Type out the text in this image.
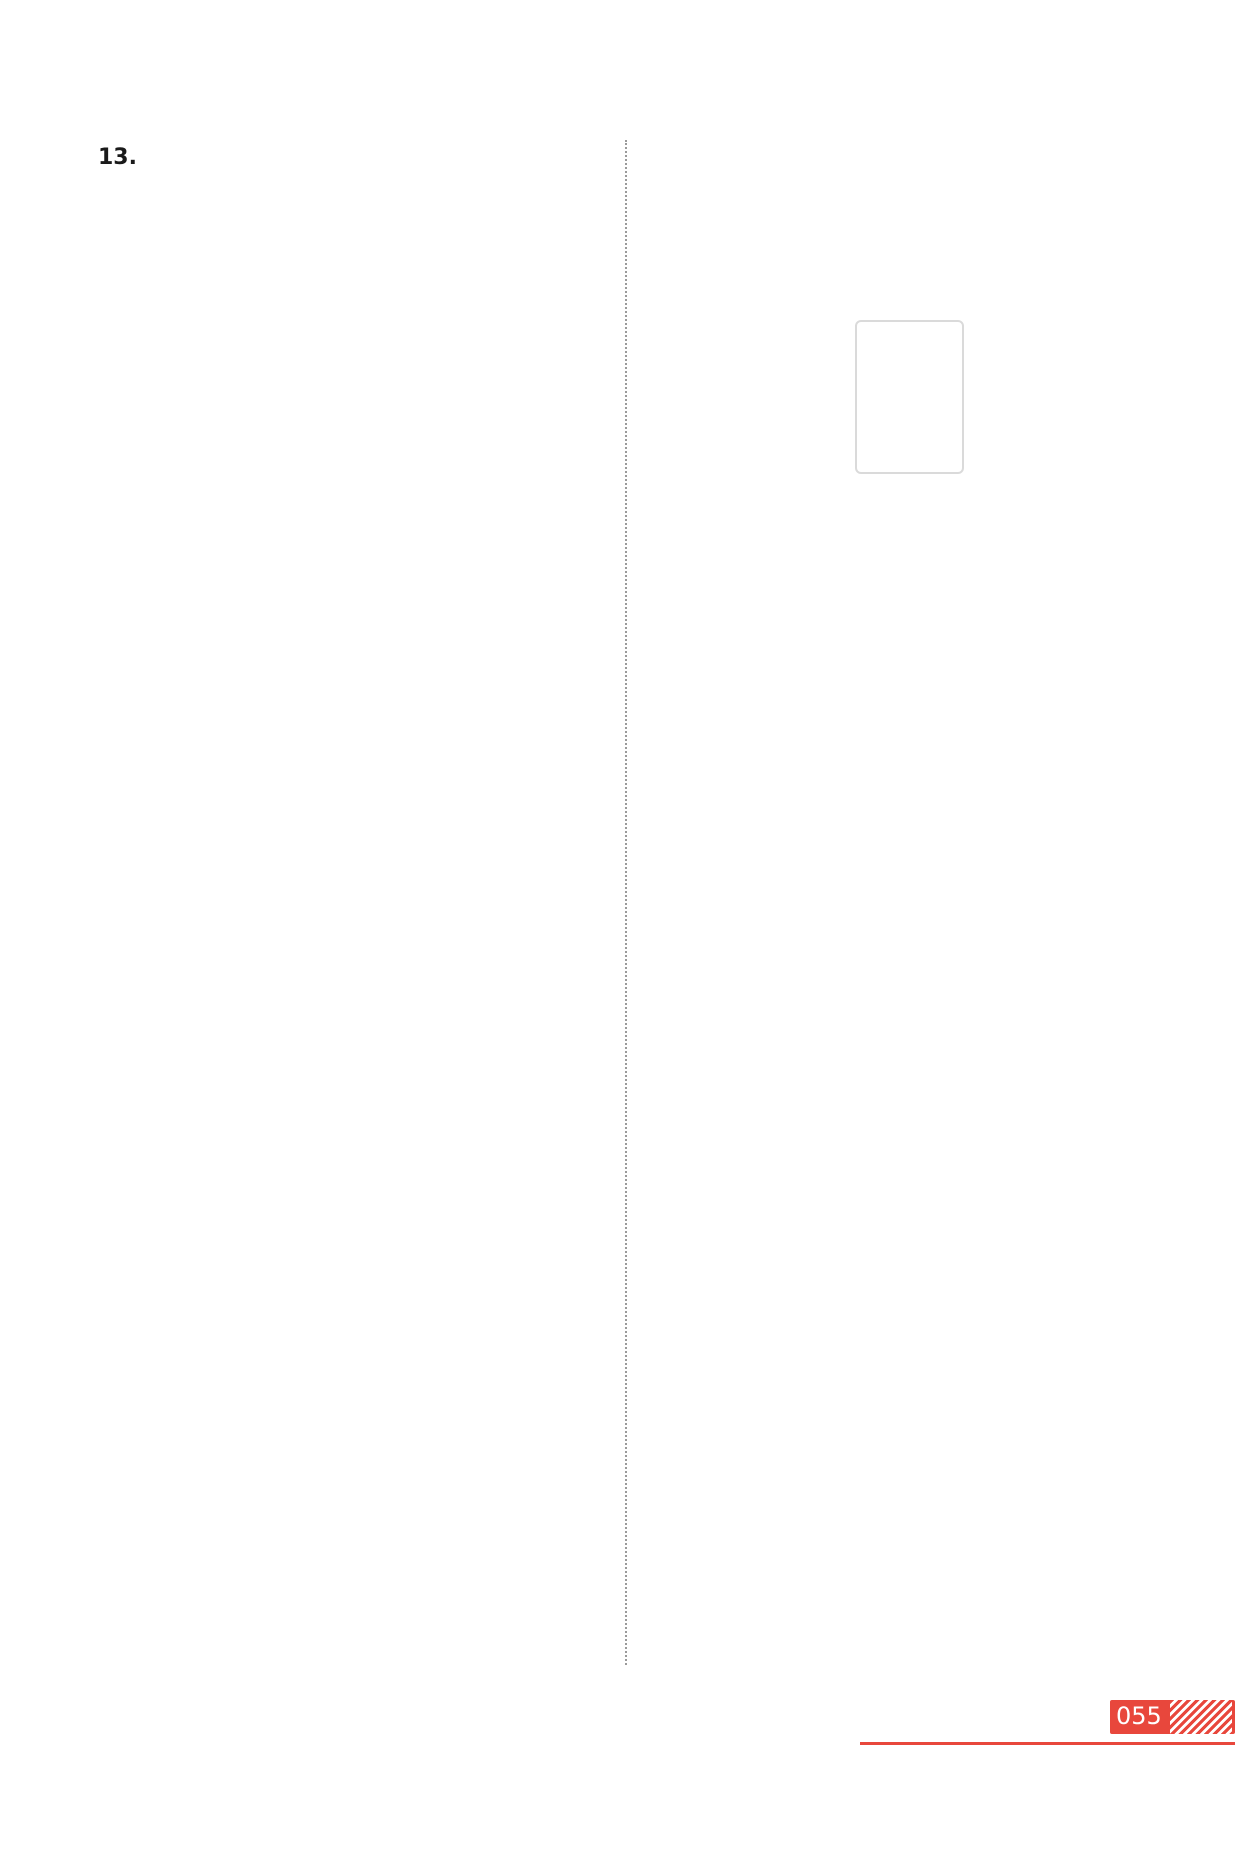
13.
055
